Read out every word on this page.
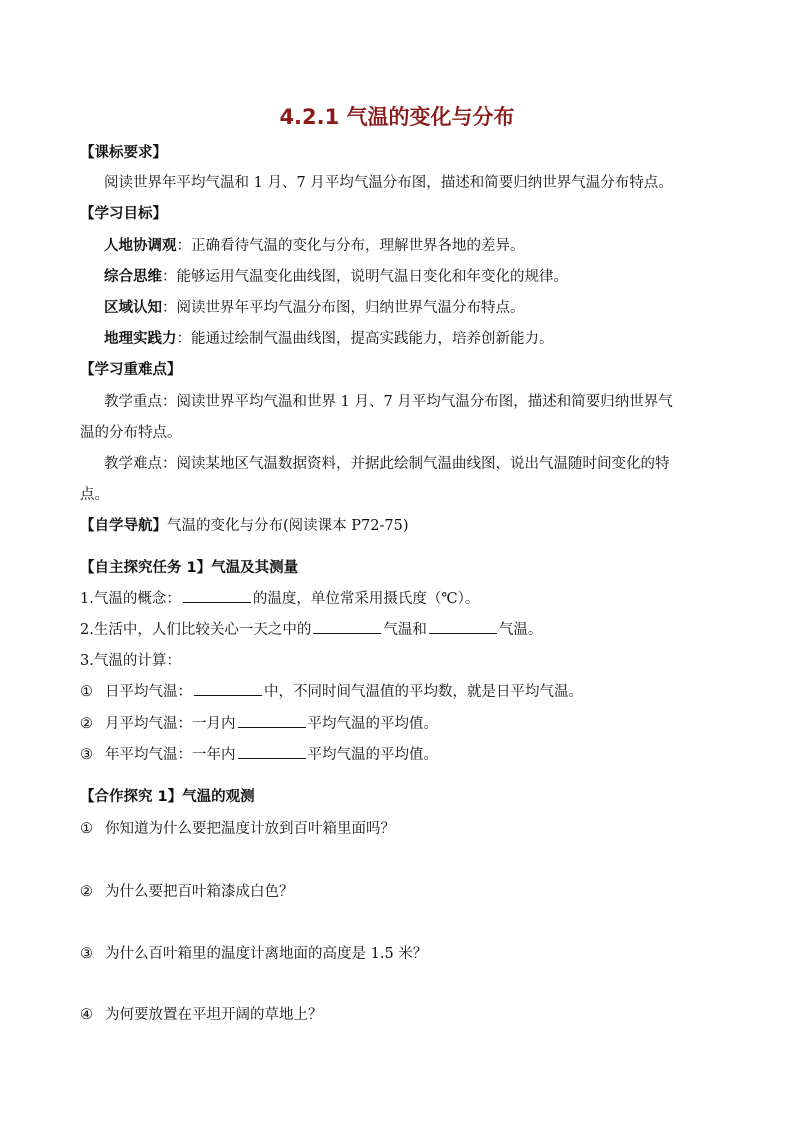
4.2.1 气温的变化与分布
【课标要求】
阅读世界年平均气温和 1 月、7 月平均气温分布图，描述和简要归纳世界气温分布特点。
【学习目标】
人地协调观：正确看待气温的变化与分布，理解世界各地的差异。
综合思维：能够运用气温变化曲线图，说明气温日变化和年变化的规律。
区域认知：阅读世界年平均气温分布图，归纳世界气温分布特点。
地理实践力：能通过绘制气温曲线图，提高实践能力，培养创新能力。
【学习重难点】
教学重点：阅读世界平均气温和世界 1 月、7 月平均气温分布图，描述和简要归纳世界气
温的分布特点。
教学难点：阅读某地区气温数据资料，并据此绘制气温曲线图，说出气温随时间变化的特
点。
【自学导航】气温的变化与分布(阅读课本 P72-75)
【自主探究任务 1】气温及其测量
1.气温的概念：	的温度，单位常采用摄氏度（℃）。
2.生活中，人们比较关心一天之中的	气温和	气温。
3.气温的计算：
① 日平均气温：	中，不同时间气温值的平均数，就是日平均气温。
② 月平均气温：一月内	平均气温的平均值。
③ 年平均气温：一年内	平均气温的平均值。
【合作探究 1】气温的观测
① 你知道为什么要把温度计放到百叶箱里面吗？
② 为什么要把百叶箱漆成白色？
③ 为什么百叶箱里的温度计离地面的高度是 1.5 米？
④ 为何要放置在平坦开阔的草地上？
